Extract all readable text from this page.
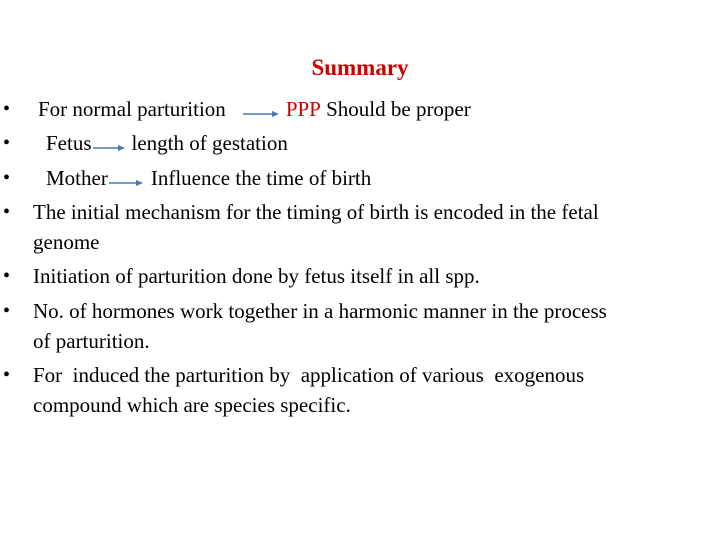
Summary
• For normal parturition	PPP Should be proper
• Fetus length of gestation
• Mother Influence the time of birth
• The initial mechanism for the timing of birth is encoded in the fetal
genome
• Initiation of parturition done by fetus itself in all spp.
• No. of hormones work together in a harmonic manner in the process
of parturition.
• For  induced the parturition by  application of various  exogenous
compound which are species specific.
